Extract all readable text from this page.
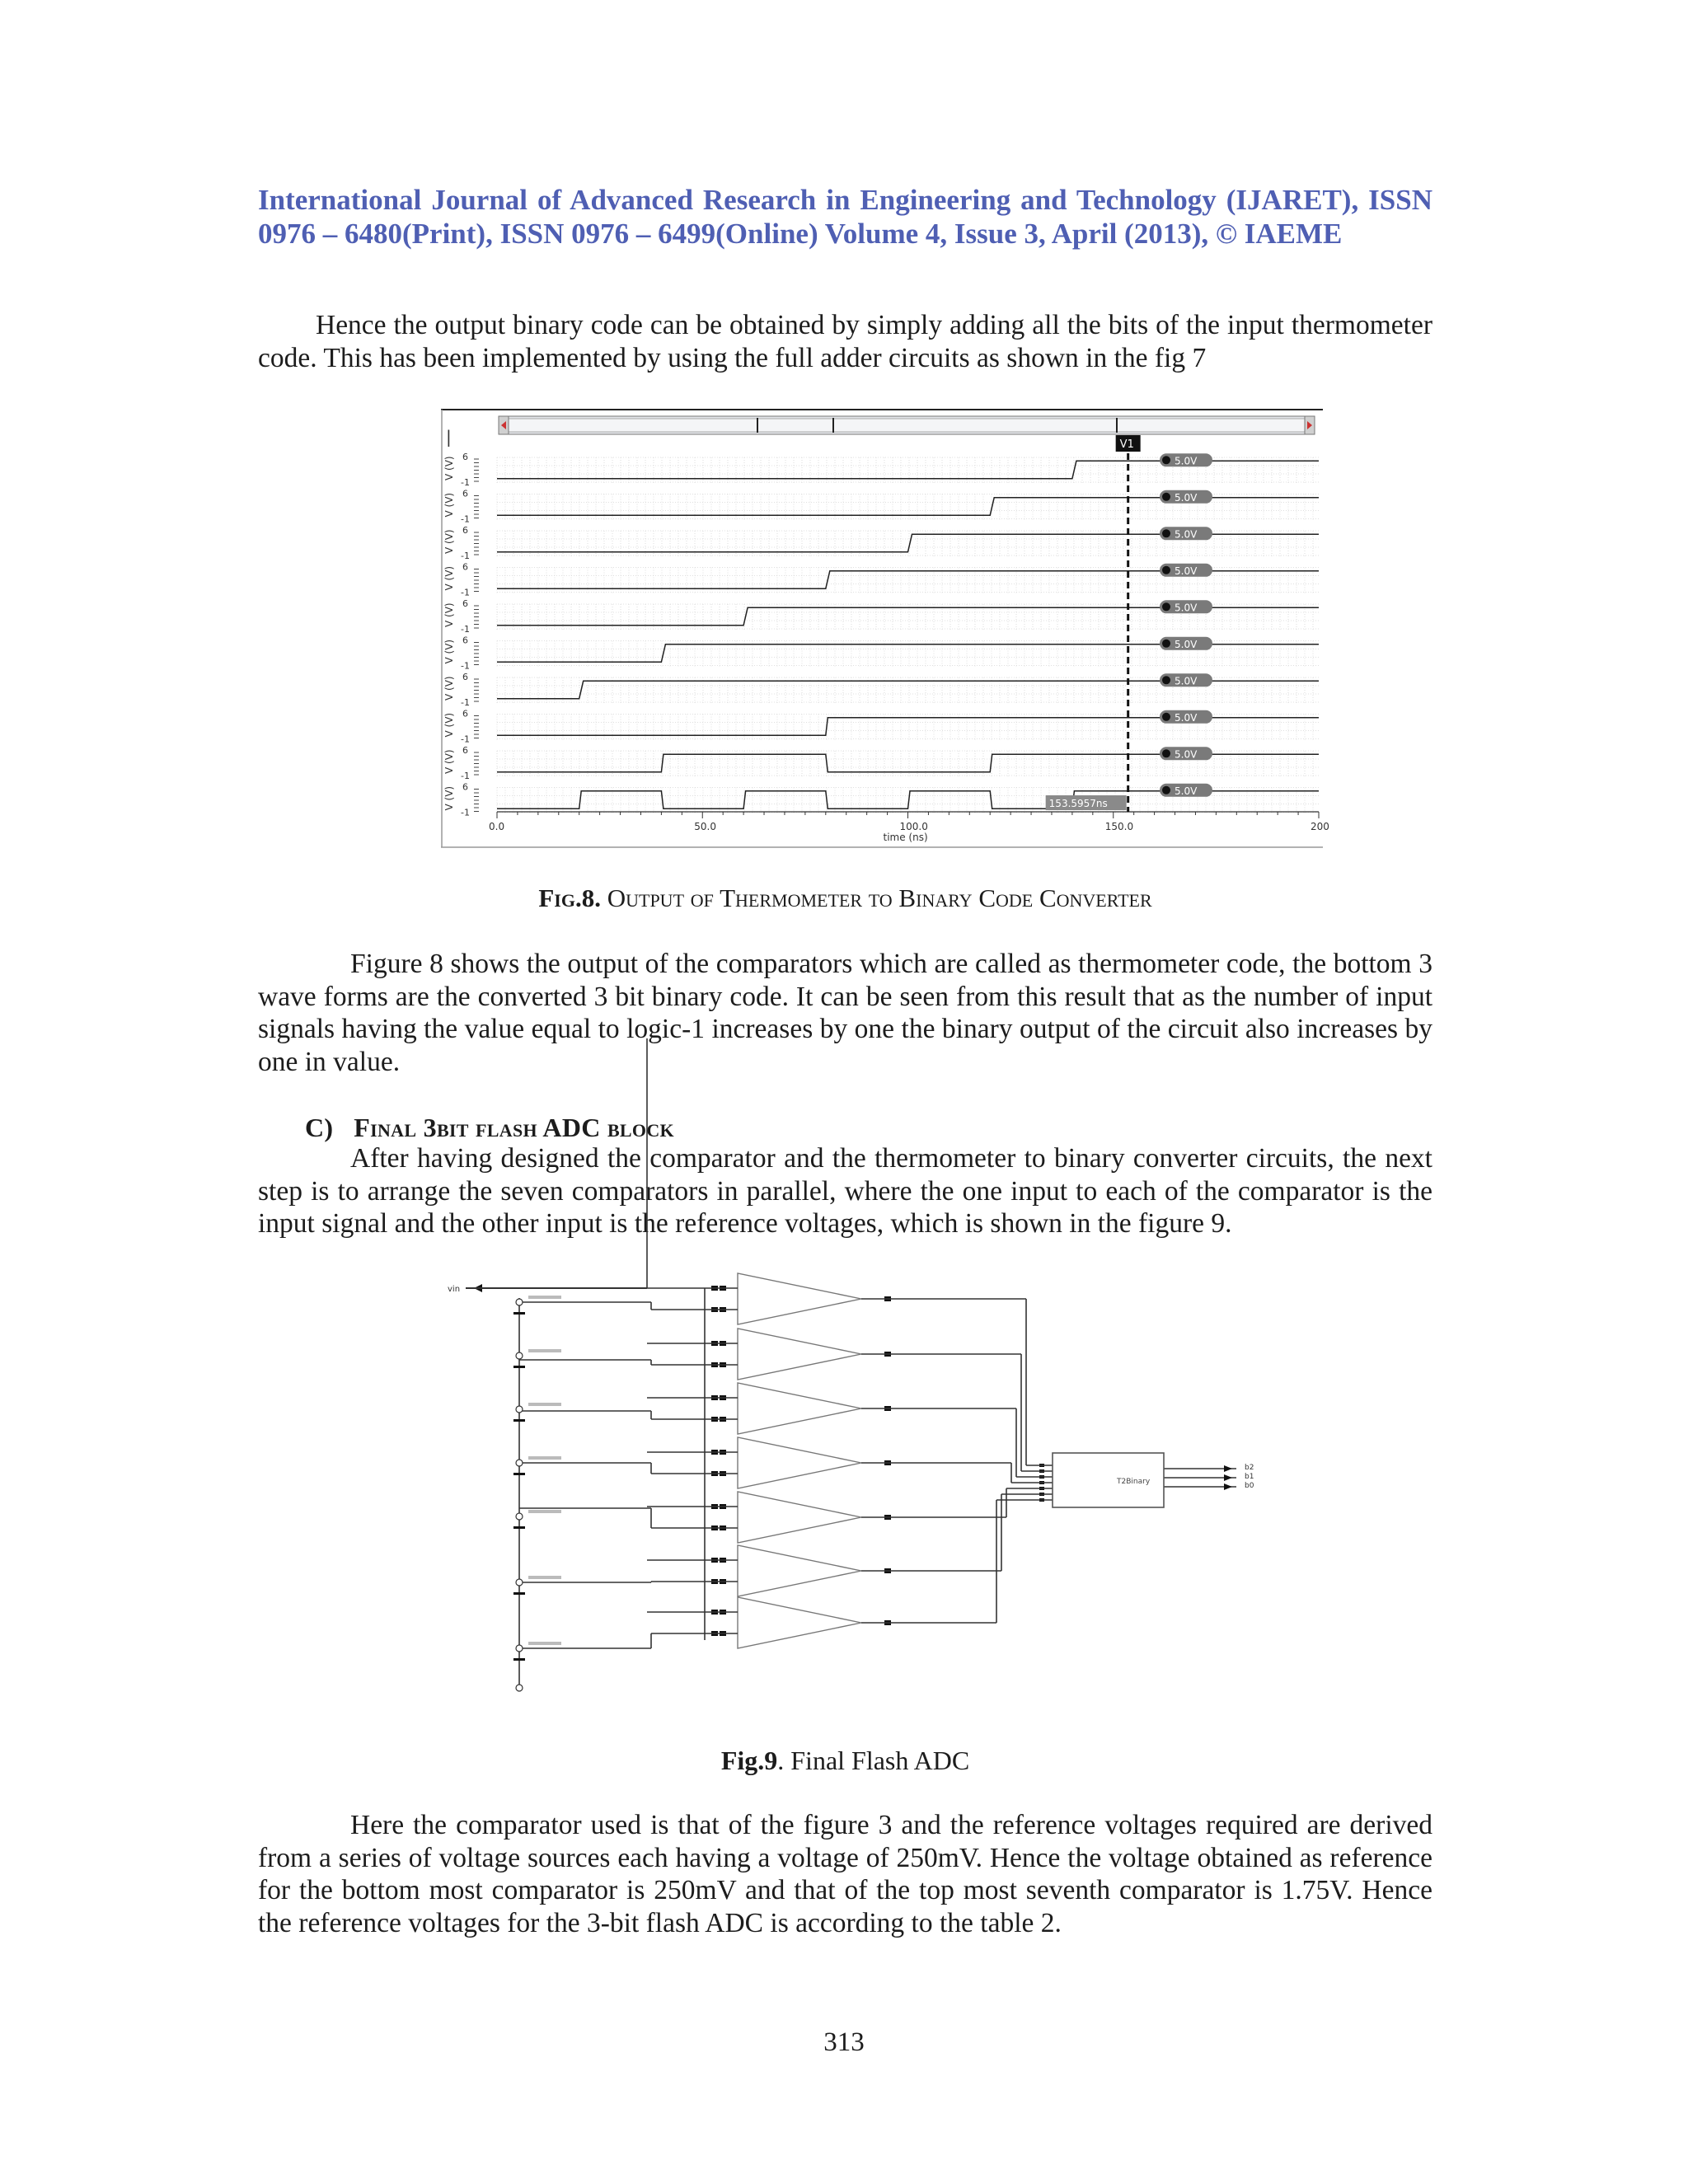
International Journal of Advanced Research in Engineering and Technology (IJARET), ISSN
0976 – 6480(Print), ISSN 0976 – 6499(Online) Volume 4, Issue 3, April (2013), © IAEME
Hence the output binary code can be obtained by simply adding all the bits of the input thermometer code. This has been implemented by using the full adder circuits as shown in the fig 7
|
6
-1
V (V)
6
-1
V (V)
6
-1
V (V)
6
-1
V (V)
6
-1
V (V)
6
-1
V (V)
6
-1
V (V)
6
-1
V (V)
6
-1
V (V)
6
-1
V (V)
0.0	50.0	100.0	150.0	200
time (ns)
V1
153.5957ns
5.0V
5.0V
5.0V
5.0V
5.0V
5.0V
5.0V
5.0V
5.0V
5.0V
Fig.8. Output of Thermometer to Binary Code Converter
Figure 8 shows the output of the comparators which are called as thermometer code, the bottom 3 wave forms are the converted 3 bit binary code. It can be seen from this result that as the number of input signals having the value equal to logic-1 increases by one the binary output of the circuit also increases by one in value.
C) Final 3bit flash ADC block
After having designed the comparator and the thermometer to binary converter circuits, the next step is to arrange the seven comparators in parallel, where the one input to each of the comparator is the input signal and the other input is the reference voltages, which is shown in the figure 9.
vin
T2Binary
b2
b1
b0
Fig.9. Final Flash ADC
Here the comparator used is that of the figure 3 and the reference voltages required are derived from a series of voltage sources each having a voltage of 250mV. Hence the voltage obtained as reference for the bottom most comparator is 250mV and that of the top most seventh comparator is 1.75V. Hence the reference voltages for the 3-bit flash ADC is according to the table 2.
313
